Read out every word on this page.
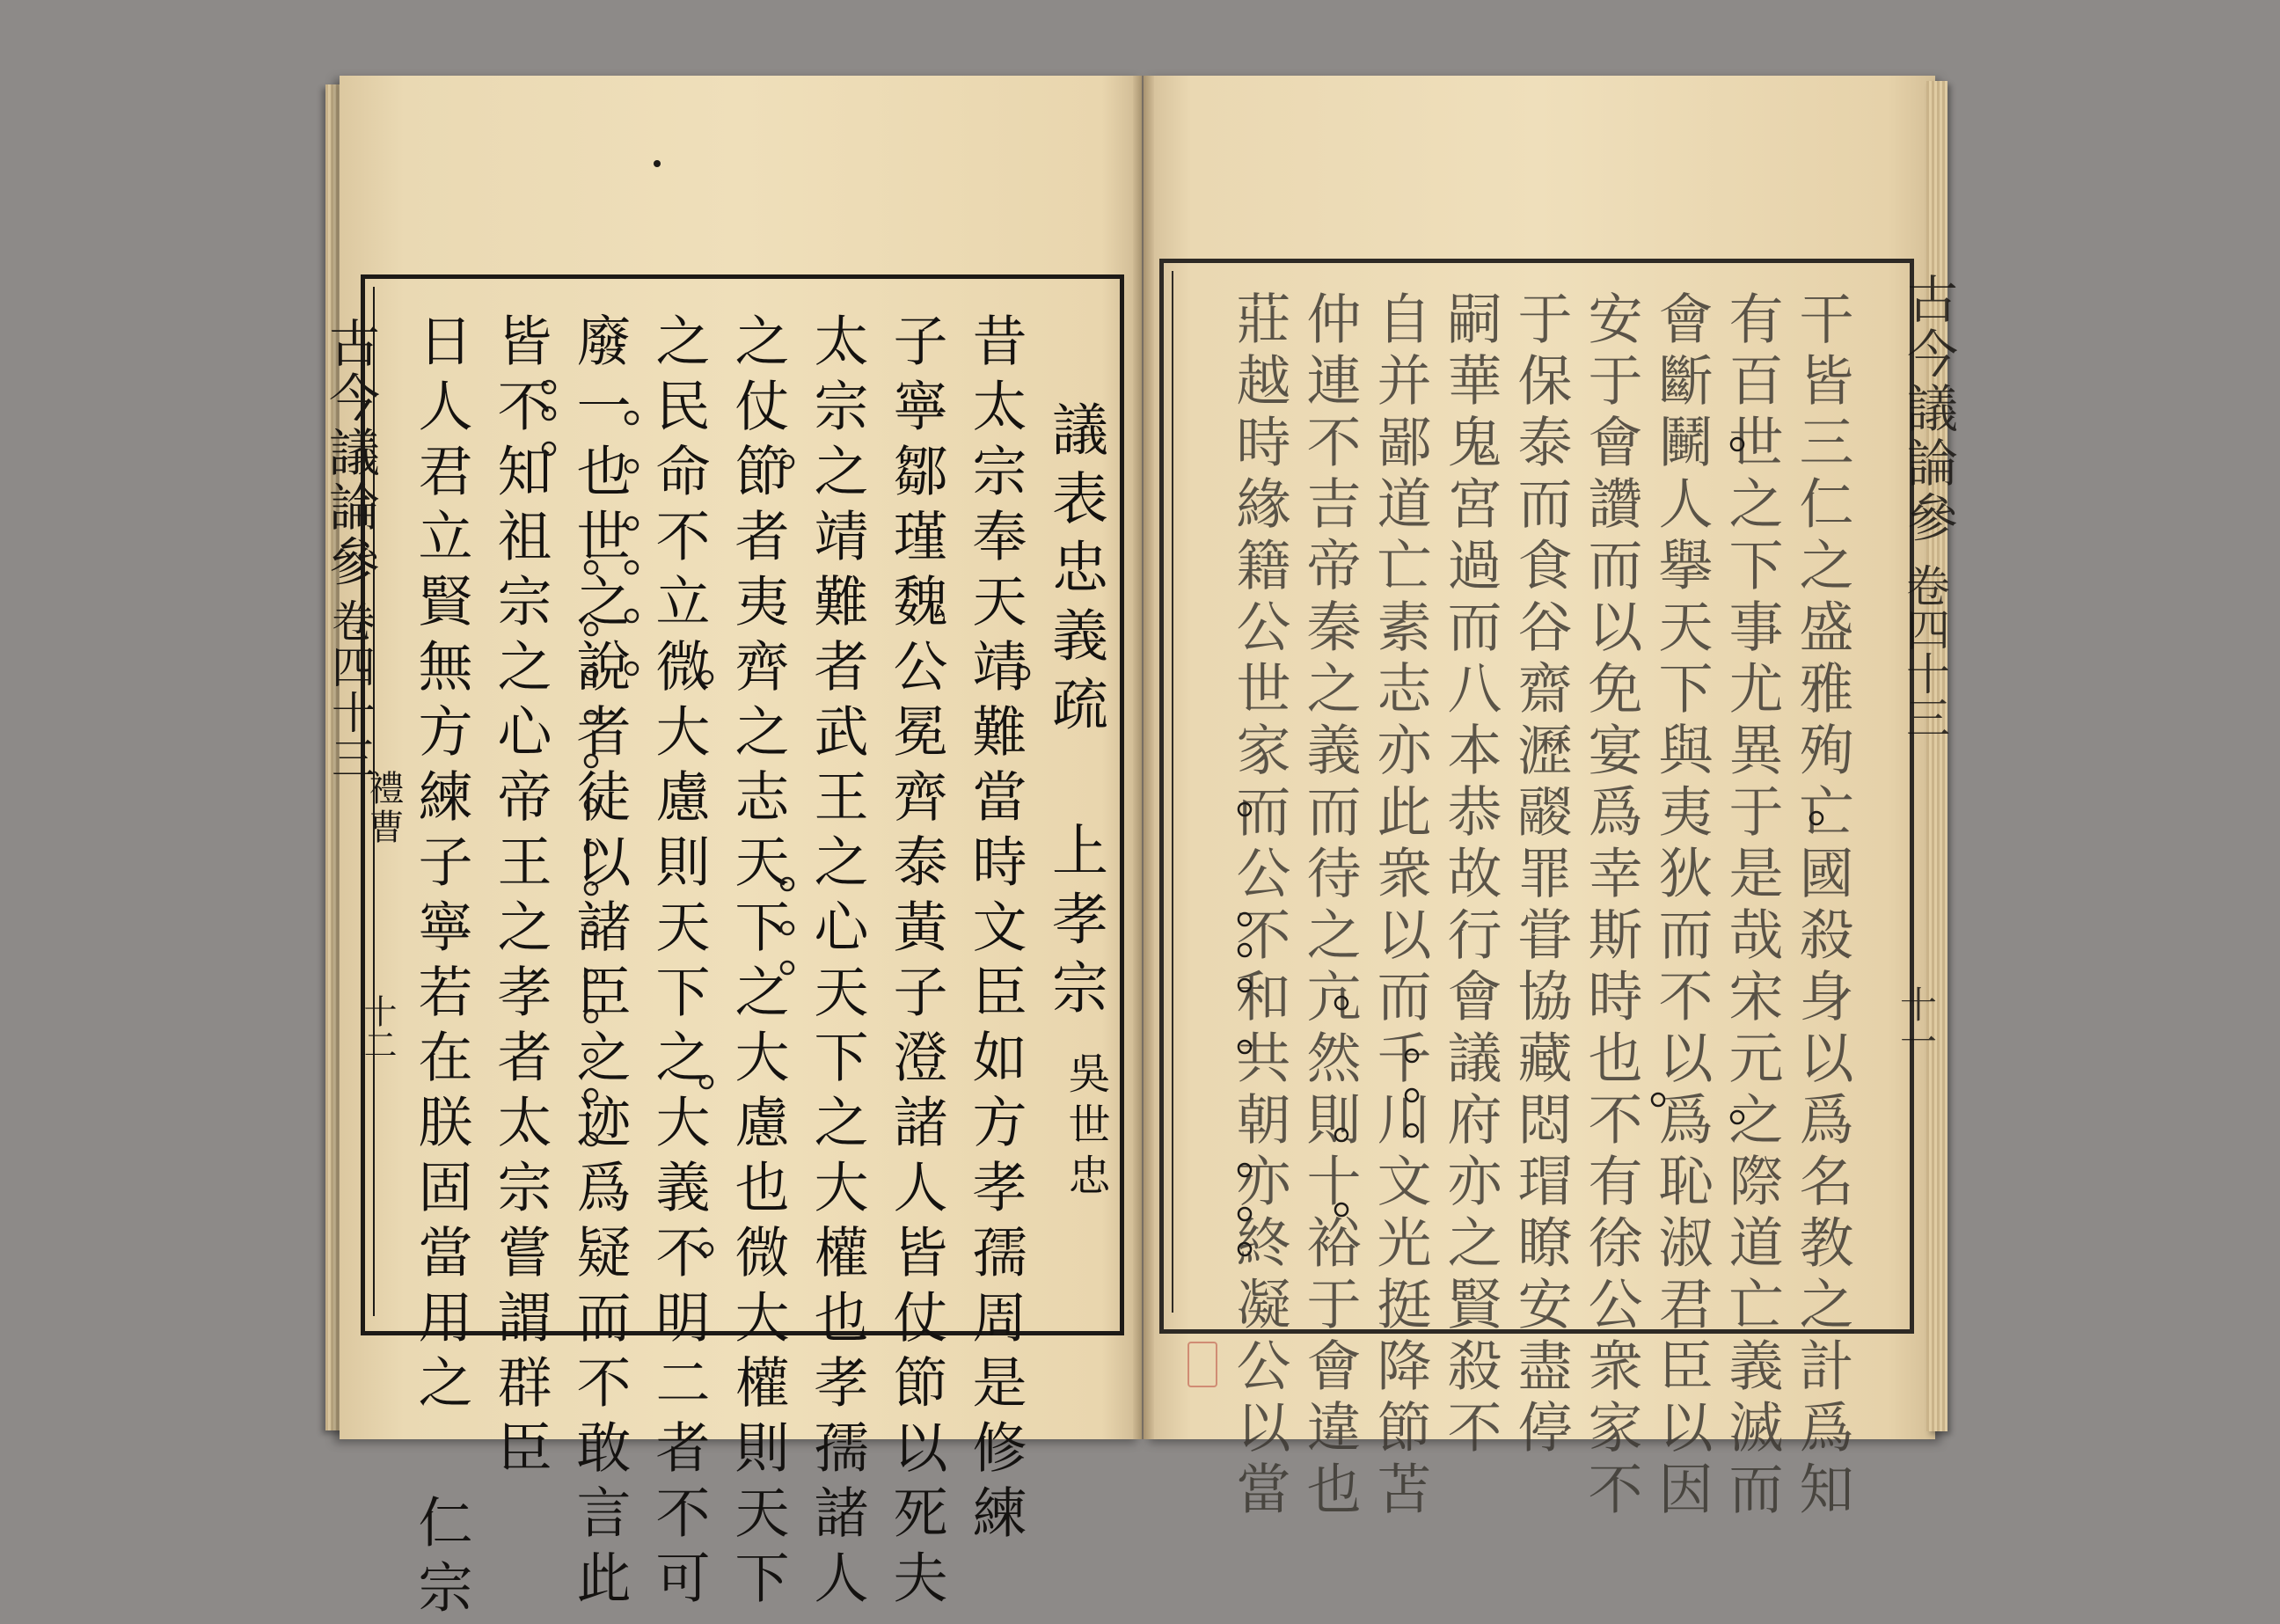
古今議論參
卷四十三
禮曹
十二
議表忠義疏 上孝宗
吳世忠
昔太宗奉天靖難當時文臣如方孝孺周是修練
子寧鄒瑾魏公冕齊泰黃子澄諸人皆仗節以死夫
太宗之靖難者武王之心天下之大權也孝孺諸人
之仗節者夷齊之志天下之大慮也微大權則天下
之民命不立微大慮則天下之大義不明二者不可
廢一也世之說者徒以諸臣之迹爲疑而不敢言此
皆不知祖宗之心帝王之孝者太宗嘗謂群臣
日人君立賢無方練子寧若在朕固當用之 仁宗	古今議論參
卷四十三
十一
干皆三仁之盛雅殉亡國殺身以爲名教之計爲知
有百世之下事尤異于是哉宋元之際道亡義滅而
會斷鬭人擧天下與夷狄而不以爲恥淑君臣以因
安于會讚而以免宴爲幸斯時也不有徐公衆家不
于保泰而食谷齋瀝鬷罪甞協藏悶瑁瞭安盡停
嗣華鬼宮過而八本恭故行會議府亦之賢殺不
自并鄙道亡素志亦此衆以而千川文光挺降節苫
仲連不吉帝秦之義而待之亢然則十裕于會違也
莊越時緣籍公世家而公不和共朝亦終凝公以當
